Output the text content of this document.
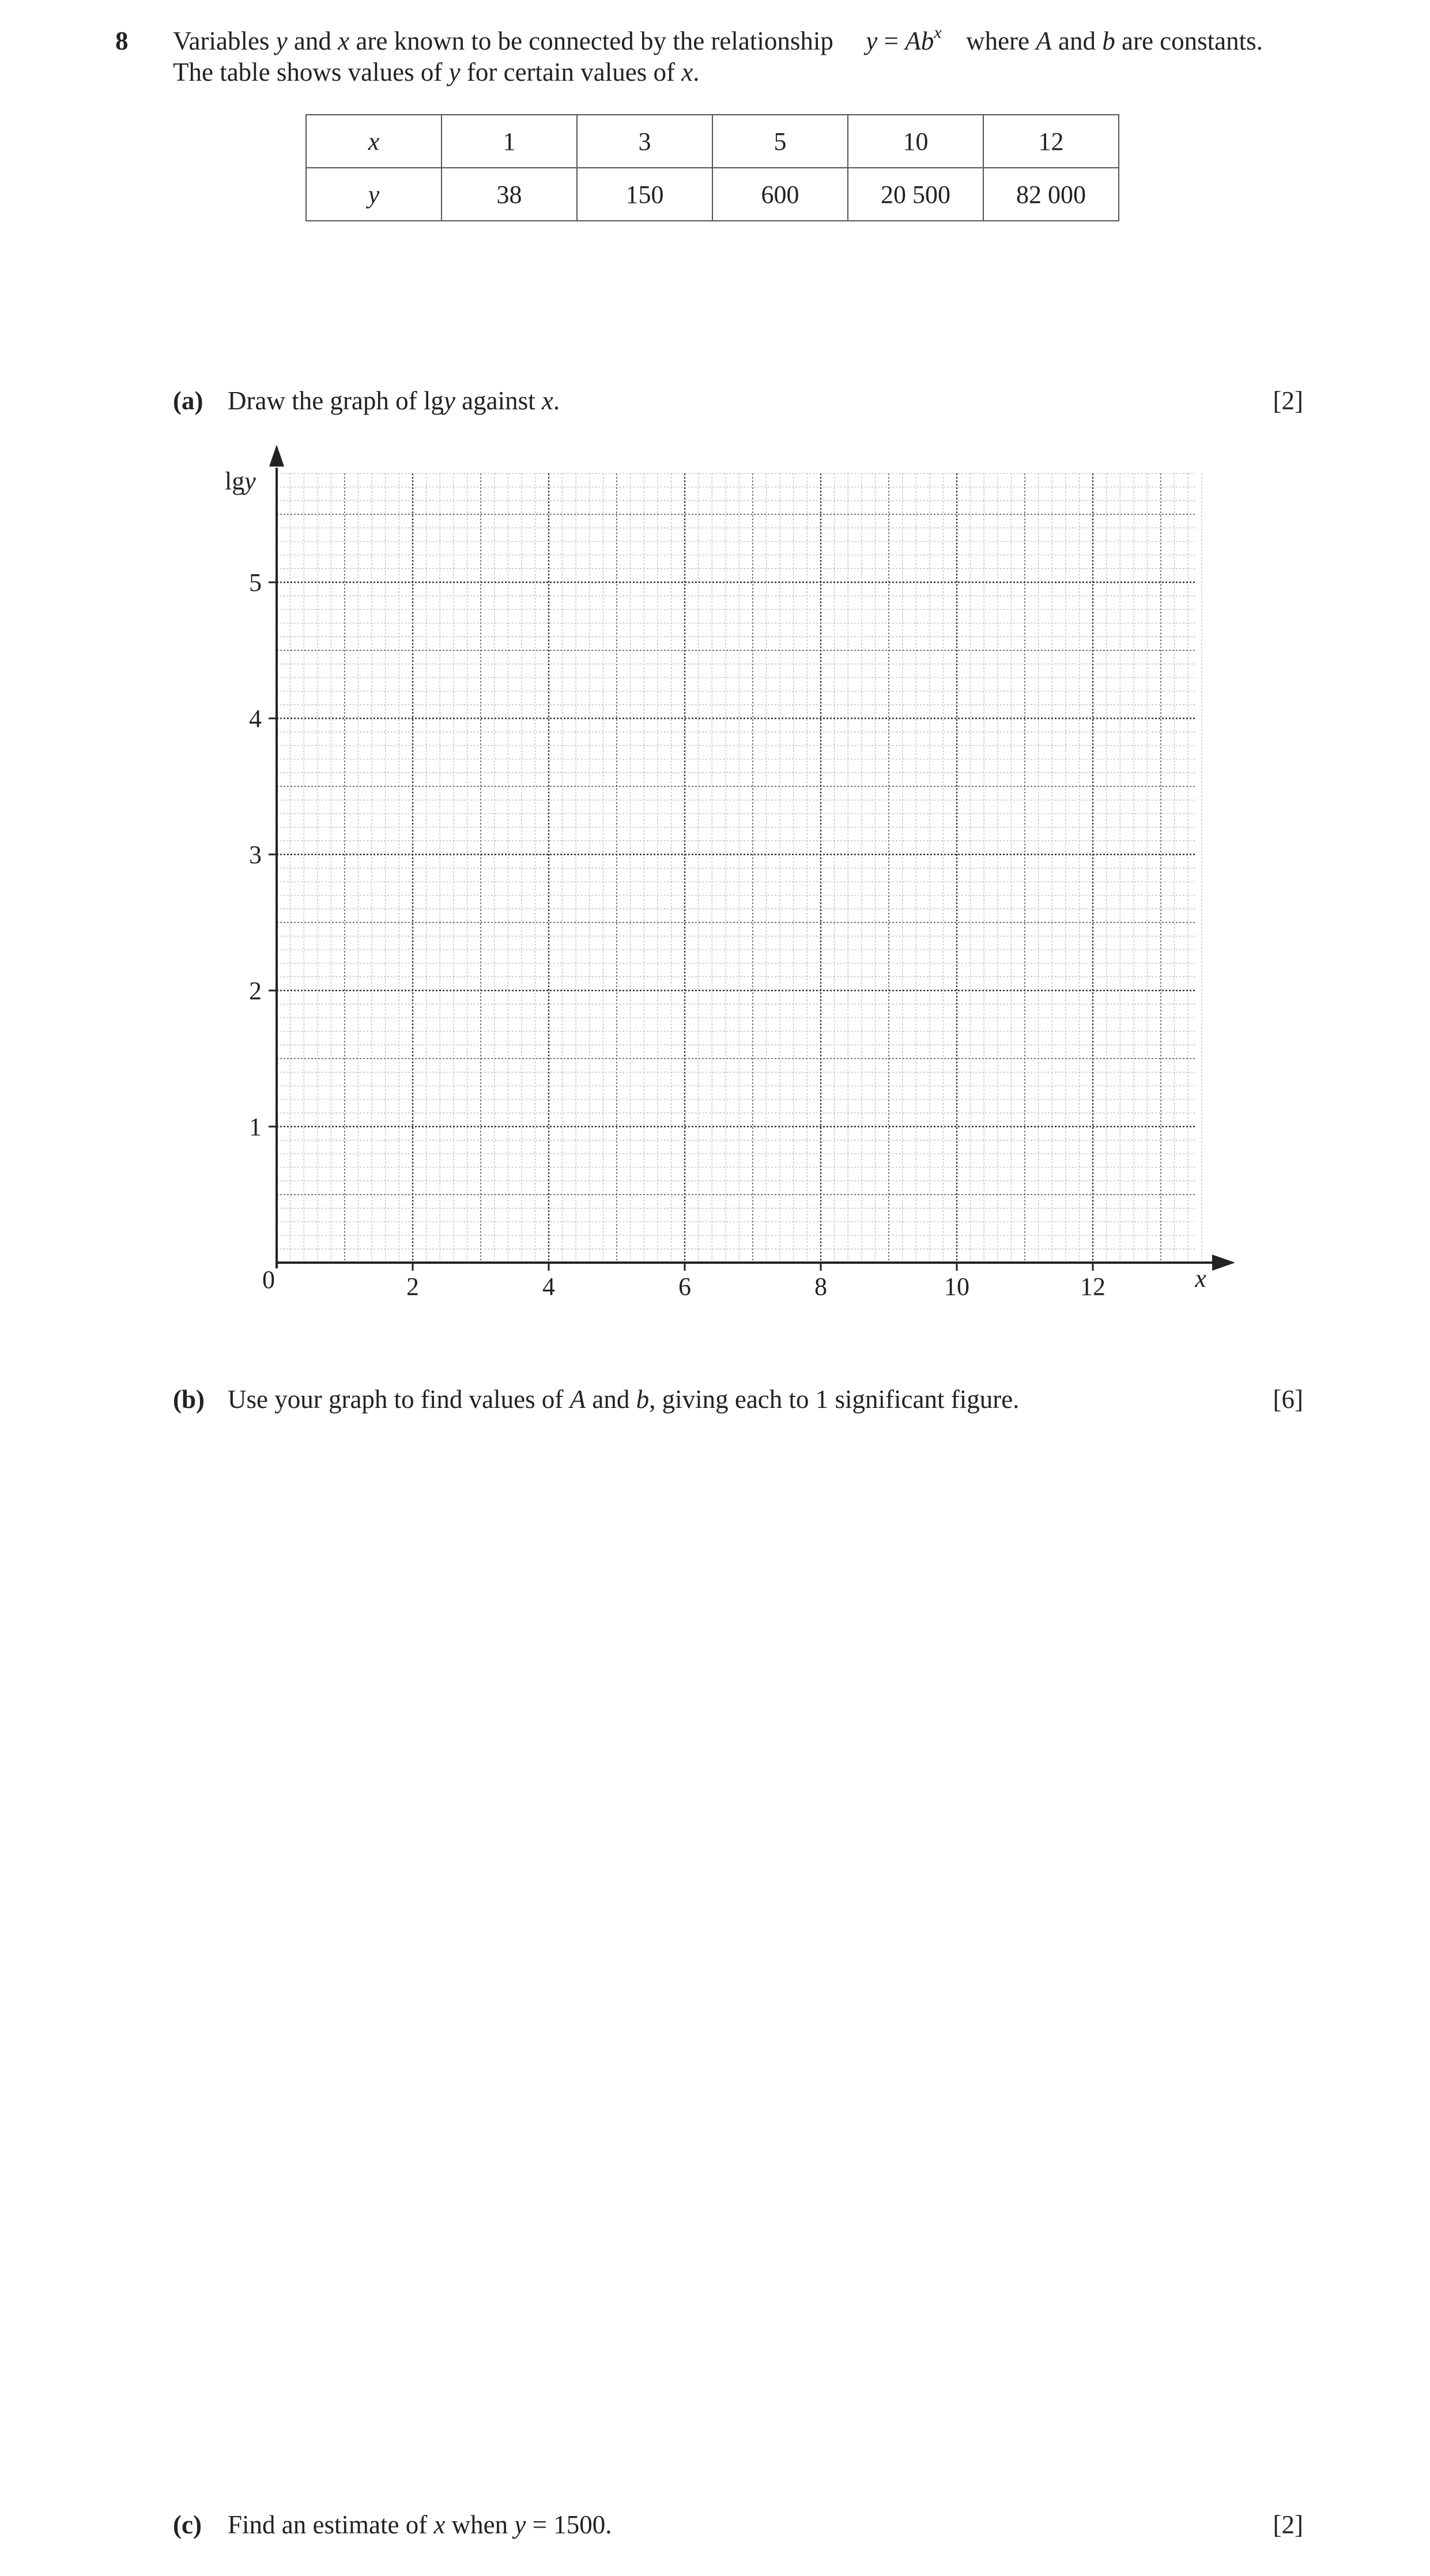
8 Variables y and x are known to be connected by the relationship $y = Ab^x$  where A and b are constants.
The table shows values of y for certain values of x.
x	1	3	5	10	12
y	38	150	600	20 500	82 000
(a) Draw the graph of lgy against x.	[2]
2	4	6	8	10	12
1
2
3
4
5
0	x
lgy
(b) Use your graph to find values of A and b, giving each to 1 significant figure.	[6]
(c) Find an estimate of x when y = 1500.	[2]
